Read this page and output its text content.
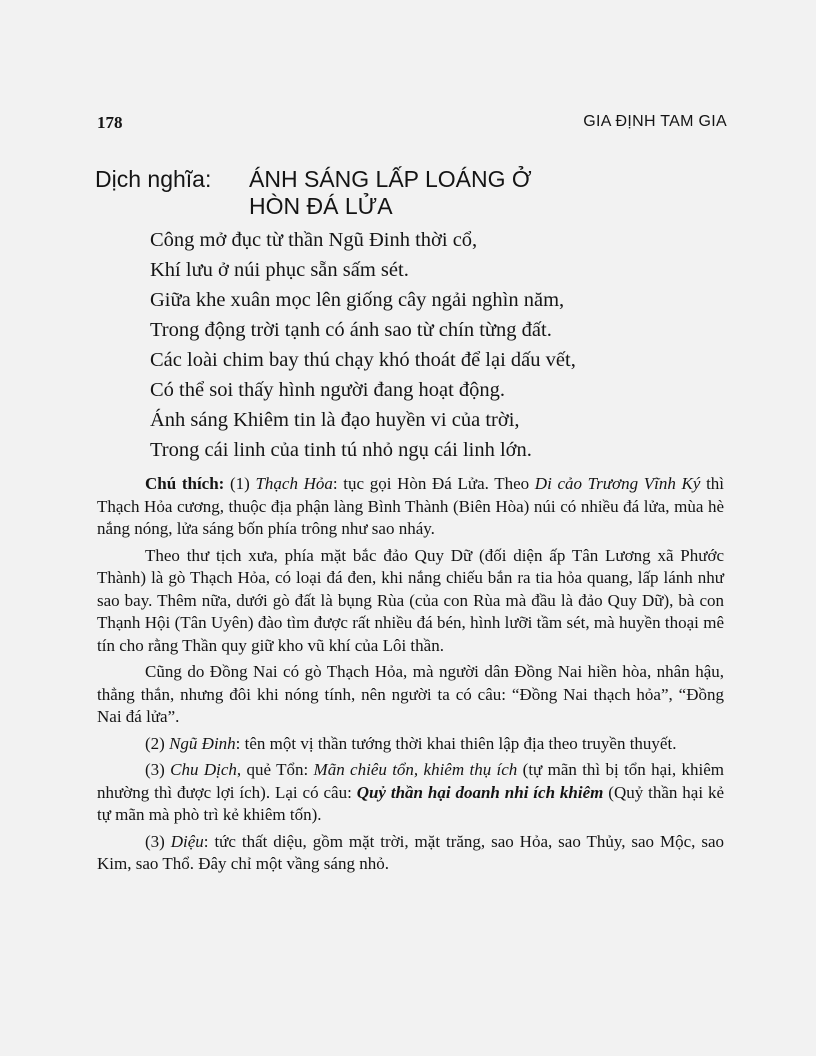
178	GIA ĐỊNH TAM GIA
Dịch nghĩa: ÁNH SÁNG LẤP LOÁNG Ở
HÒN ĐÁ LỬA
Công mở đục từ thần Ngũ Đinh thời cổ,
Khí lưu ở núi phục sẵn sấm sét.
Giữa khe xuân mọc lên giống cây ngải nghìn năm,
Trong động trời tạnh có ánh sao từ chín từng đất.
Các loài chim bay thú chạy khó thoát để lại dấu vết,
Có thể soi thấy hình người đang hoạt động.
Ánh sáng Khiêm tin là đạo huyền vi của trời,
Trong cái linh của tinh tú nhỏ ngụ cái linh lớn.

Chú thích: (1) Thạch Hỏa: tục gọi Hòn Đá Lửa. Theo Di cảo Trương Vĩnh Ký thì Thạch Hỏa cương, thuộc địa phận làng Bình Thành (Biên Hòa) núi có nhiều đá lửa, mùa hè nắng nóng, lửa sáng bốn phía trông như sao nháy.

Theo thư tịch xưa, phía mặt bắc đảo Quy Dữ (đối diện ấp Tân Lương xã Phước Thành) là gò Thạch Hỏa, có loại đá đen, khi nắng chiếu bắn ra tia hỏa quang, lấp lánh như sao bay. Thêm nữa, dưới gò đất là bụng Rùa (của con Rùa mà đầu là đảo Quy Dữ), bà con Thạnh Hội (Tân Uyên) đào tìm được rất nhiều đá bén, hình lưỡi tầm sét, mà huyền thoại mê tín cho rằng Thần quy giữ kho vũ khí của Lôi thần.

Cũng do Đồng Nai có gò Thạch Hỏa, mà người dân Đồng Nai hiền hòa, nhân hậu, thẳng thắn, nhưng đôi khi nóng tính, nên người ta có câu: “Đồng Nai thạch hỏa”, “Đồng Nai đá lửa”.

(2) Ngũ Đinh: tên một vị thần tướng thời khai thiên lập địa theo truyền thuyết.

(3) Chu Dịch, quẻ Tổn: Mãn chiêu tổn, khiêm thụ ích (tự mãn thì bị tổn hại, khiêm nhường thì được lợi ích). Lại có câu: Quỷ thần hại doanh nhi ích khiêm (Quỷ thần hại kẻ tự mãn mà phò trì kẻ khiêm tốn).

(3) Diệu: tức thất diệu, gồm mặt trời, mặt trăng, sao Hỏa, sao Thủy, sao Mộc, sao Kim, sao Thổ. Đây chỉ một vầng sáng nhỏ.
